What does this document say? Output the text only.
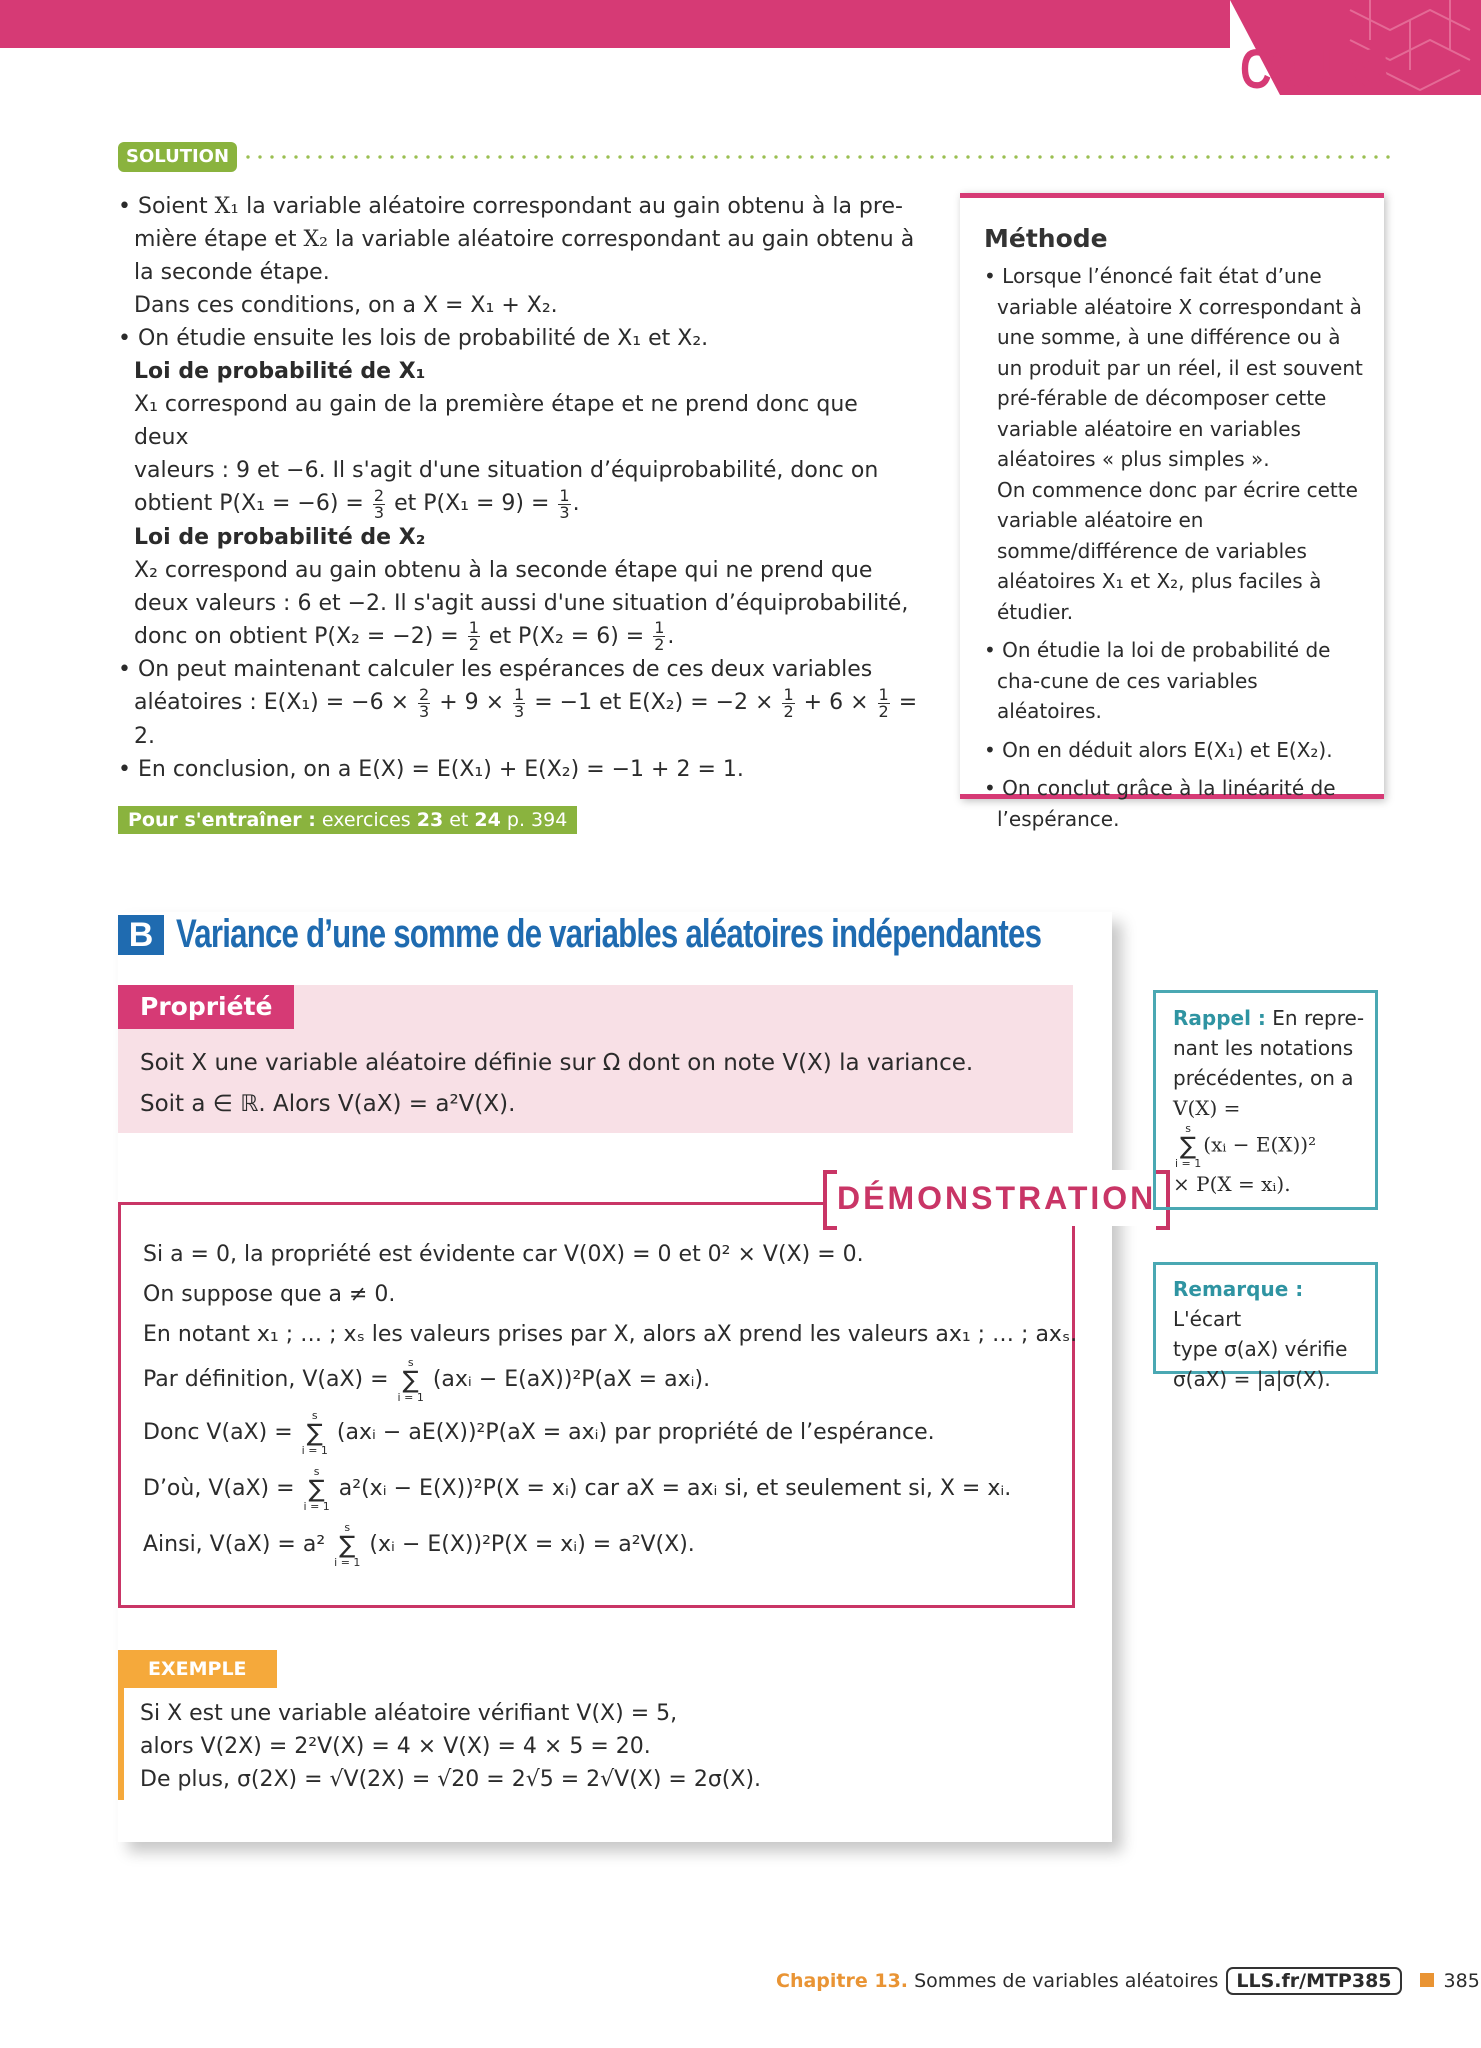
COURS
SOLUTION

• Soient X₁ la variable aléatoire correspondant au gain obtenu à la pre-
mière étape et X₂ la variable aléatoire correspondant au gain obtenu à
la seconde étape.

Dans ces conditions, on a X = X₁ + X₂.

• On étudie ensuite les lois de probabilité de X₁ et X₂.

Loi de probabilité de X₁

X₁ correspond au gain de la première étape et ne prend donc que deux

valeurs : 9 et −6. Il s'agit d'une situation d’équiprobabilité, donc on

obtient $P(X_1 = -6) = \frac{2}{3}$ et $P(X_1 = 9) = \frac{1}{3}$ .

Loi de probabilité de X₂

X₂ correspond au gain obtenu à la seconde étape qui ne prend que

deux valeurs : 6 et −2. Il s'agit aussi d'une situation d’équiprobabilité,

donc on obtient $P(X_2 = -2) = \frac{1}{2}$ et $P(X_2 = 6) = \frac{1}{2}$ .

• On peut maintenant calculer les espérances de ces deux variables

aléatoires : $E(X_1) = -6 \times \frac{2}{3} + 9 \times \frac{1}{3} = -1$ et $E(X_2) = -2 \times \frac{1}{2} + 6 \times \frac{1}{2} = 2$.

• En conclusion, on a E(X) = E(X₁) + E(X₂) = −1 + 2 = 1.

Pour s'entraîner : exercices 23 et 24 p. 394
Méthode
• Lorsque l’énoncé fait état d’une variable aléatoire X correspondant à une somme, à une différence ou à un produit par un réel, il est souvent pré-férable de décomposer cette variable aléatoire en variables aléatoires « plus simples ».
On commence donc par écrire cette variable aléatoire en somme/différence de variables aléatoires X₁ et X₂, plus faciles à étudier.
• On étudie la loi de probabilité de cha-cune de ces variables aléatoires.
• On en déduit alors E(X₁) et E(X₂).
• On conclut grâce à la linéarité de l’espérance.
B Variance d’une somme de variables aléatoires indépendantes
Propriété
Soit X une variable aléatoire définie sur Ω dont on note V(X) la variance.
Soit a ∈ ℝ. Alors V(aX) = a²V(X).
DÉMONSTRATION

Si a = 0, la propriété est évidente car V(0X) = 0 et 0² × V(X) = 0.

On suppose que a ≠ 0.

En notant x₁ ; … ; xₛ les valeurs prises par X, alors aX prend les valeurs ax₁ ; … ; axₛ.

Par définition, V(aX) = s
∑
i = 1 (axᵢ − E(aX))²P(aX = axᵢ).

Donc V(aX) = s
∑
i = 1 (axᵢ − aE(X))²P(aX = axᵢ) par propriété de l’espérance.

D’où, V(aX) = s
∑
i = 1 a²(xᵢ − E(X))²P(X = xᵢ) car aX = axᵢ si, et seulement si, X = xᵢ.

Ainsi, V(aX) = a² s
∑
i = 1 (xᵢ − E(X))²P(X = xᵢ) = a²V(X).

EXEMPLE

Si X est une variable aléatoire vérifiant V(X) = 5,

alors V(2X) = 2²V(X) = 4 × V(X) = 4 × 5 = 20.

De plus, σ(2X) = √V(2X) = √20 = 2√5 = 2√V(X) = 2σ(X).

Rappel : En repre-
nant les notations
précédentes, on a
V(X) =
s
∑
i = 1(xᵢ − E(X))²
× P(X = xᵢ).
Remarque : L'écart
type σ(aX) vérifie
σ(aX) = |a|σ(X).
Chapitre 13. Sommes de variables aléatoires LLS.fr/MTP385	385
